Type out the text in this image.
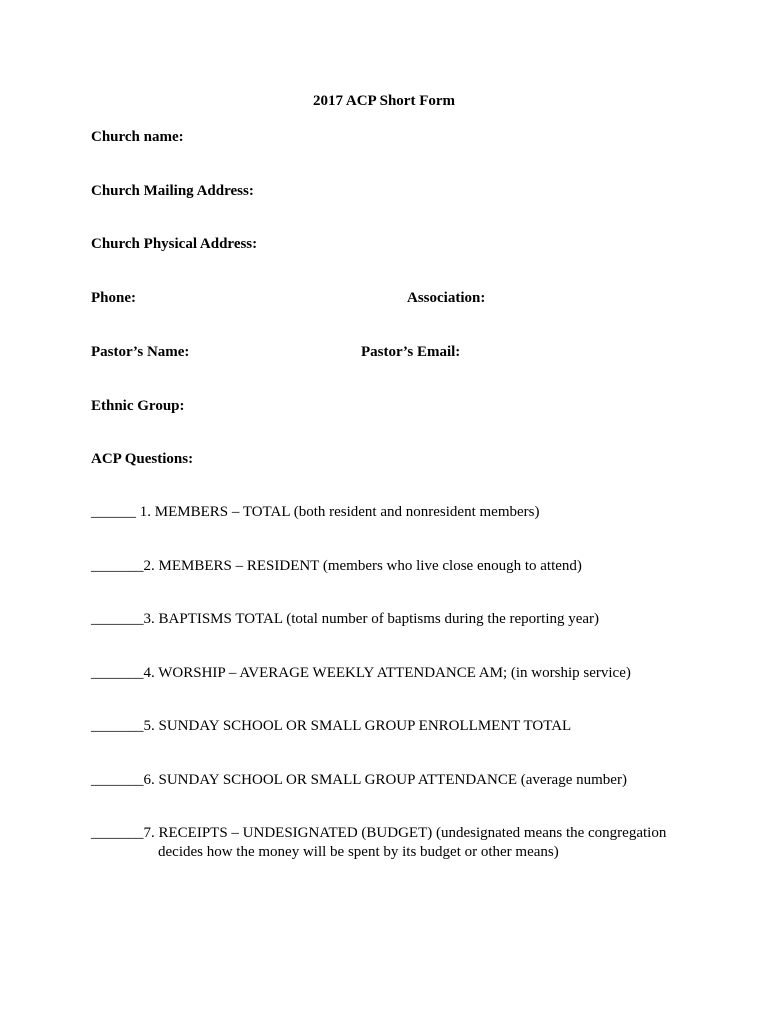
2017 ACP Short Form
Church name:
Church Mailing Address:
Church Physical Address:
Phone:	Association:
Pastor’s Name:	Pastor’s Email:
Ethnic Group:
ACP Questions:
______ 1. MEMBERS – TOTAL (both resident and nonresident members)
_______2. MEMBERS – RESIDENT (members who live close enough to attend)
_______3. BAPTISMS TOTAL (total number of baptisms during the reporting year)
_______4. WORSHIP – AVERAGE WEEKLY ATTENDANCE AM; (in worship service)
_______5. SUNDAY SCHOOL OR SMALL GROUP ENROLLMENT TOTAL
_______6. SUNDAY SCHOOL OR SMALL GROUP ATTENDANCE (average number)
_______7. RECEIPTS – UNDESIGNATED (BUDGET) (undesignated means the congregation
decides how the money will be spent by its budget or other means)
